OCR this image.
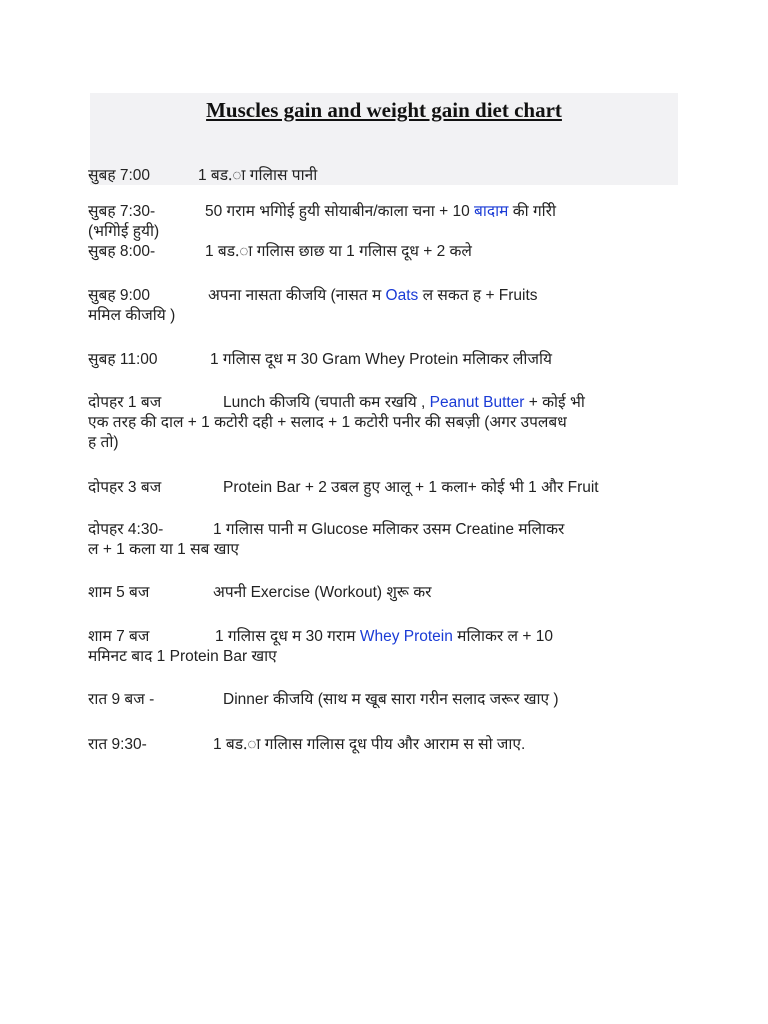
Muscles gain and weight gain diet chart
सुबह 7:00	1 बड.ा गलिास पानी
सुबह 7:30-	50 गराम भगिोई हुयी सोयाबीन/काला चना + 10 बादाम की गरिी
(भगिोई हुयी)
सुबह 8:00-	1 बड.ा गलिास छाछ या 1 गलिास दूध + 2 कले
सुबह 9:00	अपना नासता कीजयि (नासत म Oats ल सकत ह + Fruits
ममिल कीजयि )
सुबह 11:00	1 गलिास दूध म 30 Gram Whey Protein मलिाकर लीजयि
दोपहर 1 बज	Lunch कीजयि (चपाती कम रखयि , Peanut Butter + कोई भी
एक तरह की दाल + 1 कटोरी दही + सलाद + 1 कटोरी पनीर की सबज़ी (अगर उपलबध
ह तो)
दोपहर 3 बज	Protein Bar + 2 उबल हुए आलू + 1 कला+ कोई भी 1 और Fruit
दोपहर 4:30-	1 गलिास पानी म Glucose मलिाकर उसम Creatine मलिाकर
ल + 1 कला या 1 सब खाए
शाम 5 बज	अपनी Exercise (Workout) शुरू कर
शाम 7 बज	1 गलिास दूध म 30 गराम Whey Protein मलिाकर ल + 10
ममिनट बाद 1 Protein Bar खाए
रात 9 बज -	Dinner कीजयि (साथ म खूब सारा गरीन सलाद जरूर खाए )
रात 9:30-	1 बड.ा गलिास गलिास दूध पीय और आराम स सो जाए.
